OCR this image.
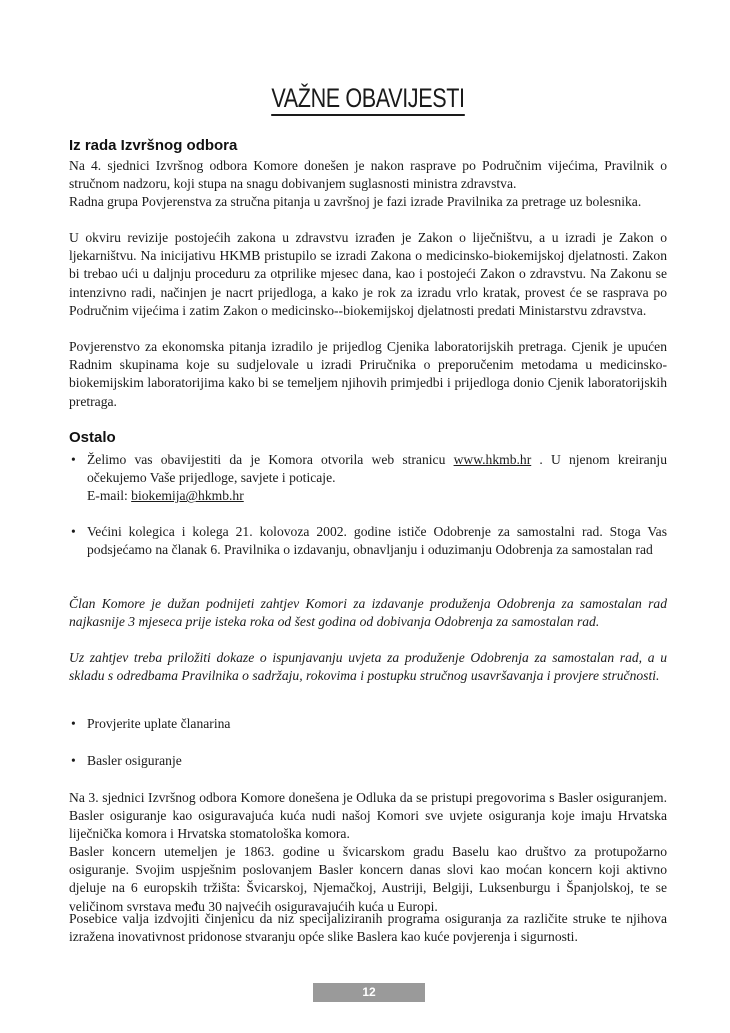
VAŽNE OBAVIJESTI
Iz rada Izvršnog odbora

Na 4. sjednici Izvršnog odbora Komore donešen je nakon rasprave po Područnim vijećima, Pravilnik o stručnom nadzoru, koji stupa na snagu dobivanjem suglasnosti ministra zdravstva.

Radna grupa Povjerenstva za stručna pitanja u završnoj je fazi izrade Pravilnika za pretrage uz bolesnika.

U okviru revizije postojećih zakona u zdravstvu izrađen je Zakon o liječništvu, a u izradi je Zakon o ljekarništvu. Na inicijativu HKMB pristupilo se izradi Zakona o medicinsko-biokemijskoj djelatnosti. Zakon bi trebao ući u daljnju proceduru za otprilike mjesec dana, kao i postojeći Zakon o zdravstvu. Na Zakonu se intenzivno radi, načinjen je nacrt prijedloga, a kako je rok za izradu vrlo kratak, provest će se rasprava po Područnim vijećima i zatim Zakon o medicinsko--biokemijskoj djelatnosti predati Ministarstvu zdravstva.

Povjerenstvo za ekonomska pitanja izradilo je prijedlog Cjenika laboratorijskih pretraga. Cjenik je upućen Radnim skupinama koje su sudjelovale u izradi Priručnika o preporučenim metodama u medicinsko-biokemijskim laboratorijima kako bi se temeljem njihovih primjedbi i prijedloga donio Cjenik laboratorijskih pretraga.

Ostalo
• Želimo vas obavijestiti da je Komora otvorila web stranicu www.hkmb.hr . U njenom kreiranju očekujemo Vaše prijedloge, savjete i poticaje.
E-mail: biokemija@hkmb.hr
• Većini kolegica i kolega 21. kolovoza 2002. godine ističe Odobrenje za samostalni rad. Stoga Vas podsjećamo na članak 6. Pravilnika o izdavanju, obnavljanju i oduzimanju Odobrenja za samostalan rad

Član Komore je dužan podnijeti zahtjev Komori za izdavanje produženja Odobrenja za samostalan rad najkasnije 3 mjeseca prije isteka roka od šest godina od dobivanja Odobrenja za samostalan rad.

Uz zahtjev treba priložiti dokaze o ispunjavanju uvjeta za produženje Odobrenja za samostalan rad, a u skladu s odredbama Pravilnika o sadržaju, rokovima i postupku stručnog usavršavanja i provjere stručnosti.

• Provjerite uplate članarina
• Basler osiguranje

Na 3. sjednici Izvršnog odbora Komore donešena je Odluka da se pristupi pregovorima s Basler osiguranjem. Basler osiguranje kao osiguravajuća kuća nudi našoj Komori sve uvjete osiguranja koje imaju Hrvatska liječnička komora i Hrvatska stomatološka komora.

Basler koncern utemeljen je 1863. godine u švicarskom gradu Baselu kao društvo za protupožarno osiguranje. Svojim uspješnim poslovanjem Basler koncern danas slovi kao moćan koncern koji aktivno djeluje na 6 europskih tržišta: Švicarskoj, Njemačkoj, Austriji, Belgiji, Luksenburgu i Španjolskoj, te se veličinom svrstava među 30 najvećih osiguravajućih kuća u Europi.

Posebice valja izdvojiti činjenicu da niz specijaliziranih programa osiguranja za različite struke te njihova izražena inovativnost pridonose stvaranju opće slike Baslera kao kuće povjerenja i sigurnosti.

12
